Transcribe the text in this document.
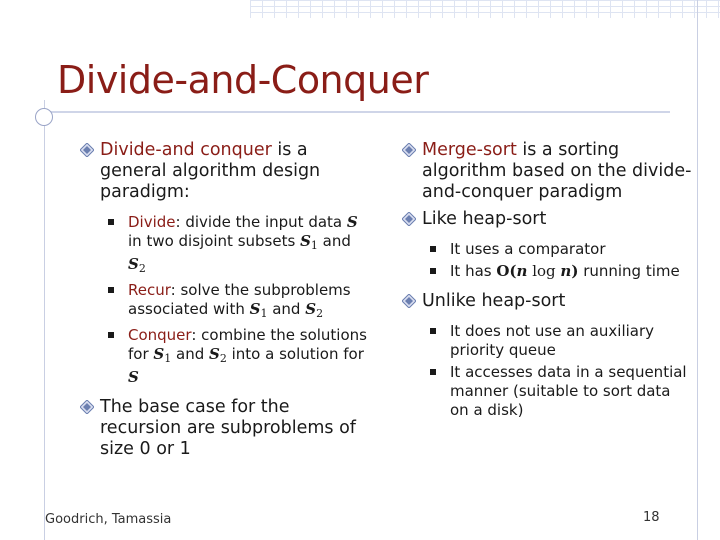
Divide-and-Conquer
Divide-and conquer is a general algorithm design paradigm:
Divide: divide the input data S in two disjoint subsets $S_1$ and $S_2$
Recur: solve the subproblems associated with $S_1$ and $S_2$
Conquer: combine the solutions for $S_1$ and $S_2$ into a solution for S
The base case for the recursion are subproblems of size 0 or 1
Merge-sort is a sorting algorithm based on the divide-and-conquer paradigm
Like heap-sort
It uses a comparator
It has O(n log n) running time
Unlike heap-sort
It does not use an auxiliary priority queue
It accesses data in a sequential manner (suitable to sort data on a disk)
Goodrich, Tamassia	18
